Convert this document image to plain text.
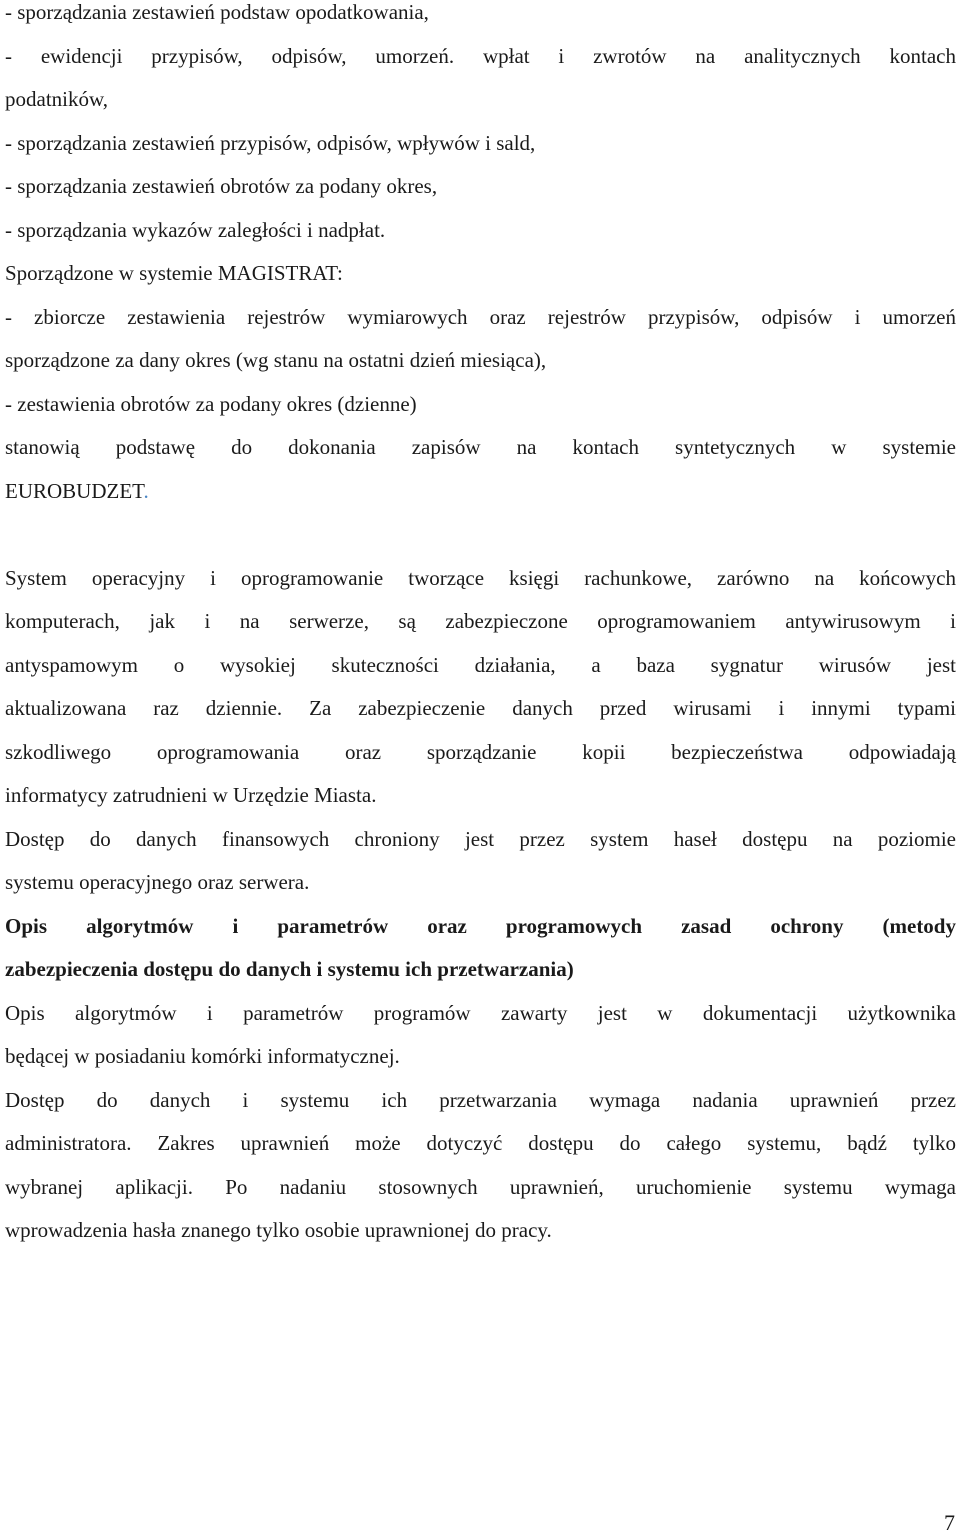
- sporządzania zestawień podstaw opodatkowania,
- ewidencji przypisów, odpisów, umorzeń. wpłat i zwrotów na analitycznych kontach
podatników,
- sporządzania zestawień przypisów, odpisów, wpływów i sald,
- sporządzania zestawień obrotów za podany okres,
- sporządzania wykazów zaległości i nadpłat.
Sporządzone w systemie MAGISTRAT:
- zbiorcze zestawienia rejestrów wymiarowych oraz rejestrów przypisów, odpisów i umorzeń
sporządzone za dany okres (wg stanu na ostatni dzień miesiąca),
- zestawienia obrotów za podany okres (dzienne)
stanowią podstawę do dokonania zapisów na kontach syntetycznych w systemie
EUROBUDZET.
System operacyjny i oprogramowanie tworzące księgi rachunkowe, zarówno na końcowych
komputerach, jak i na serwerze, są zabezpieczone oprogramowaniem antywirusowym i
antyspamowym o wysokiej skuteczności działania, a baza sygnatur wirusów jest
aktualizowana raz dziennie. Za zabezpieczenie danych przed wirusami i innymi typami
szkodliwego oprogramowania oraz sporządzanie kopii bezpieczeństwa odpowiadają
informatycy zatrudnieni w Urzędzie Miasta.
Dostęp do danych finansowych chroniony jest przez system haseł dostępu na poziomie
systemu operacyjnego oraz serwera.
Opis algorytmów i parametrów oraz programowych zasad ochrony (metody
zabezpieczenia dostępu do danych i systemu ich przetwarzania)
Opis algorytmów i parametrów programów zawarty jest w dokumentacji użytkownika
będącej w posiadaniu komórki informatycznej.
Dostęp do danych i systemu ich przetwarzania wymaga nadania uprawnień przez
administratora. Zakres uprawnień może dotyczyć dostępu do całego systemu, bądź tylko
wybranej aplikacji. Po nadaniu stosownych uprawnień, uruchomienie systemu wymaga
wprowadzenia hasła znanego tylko osobie uprawnionej do pracy.
7
